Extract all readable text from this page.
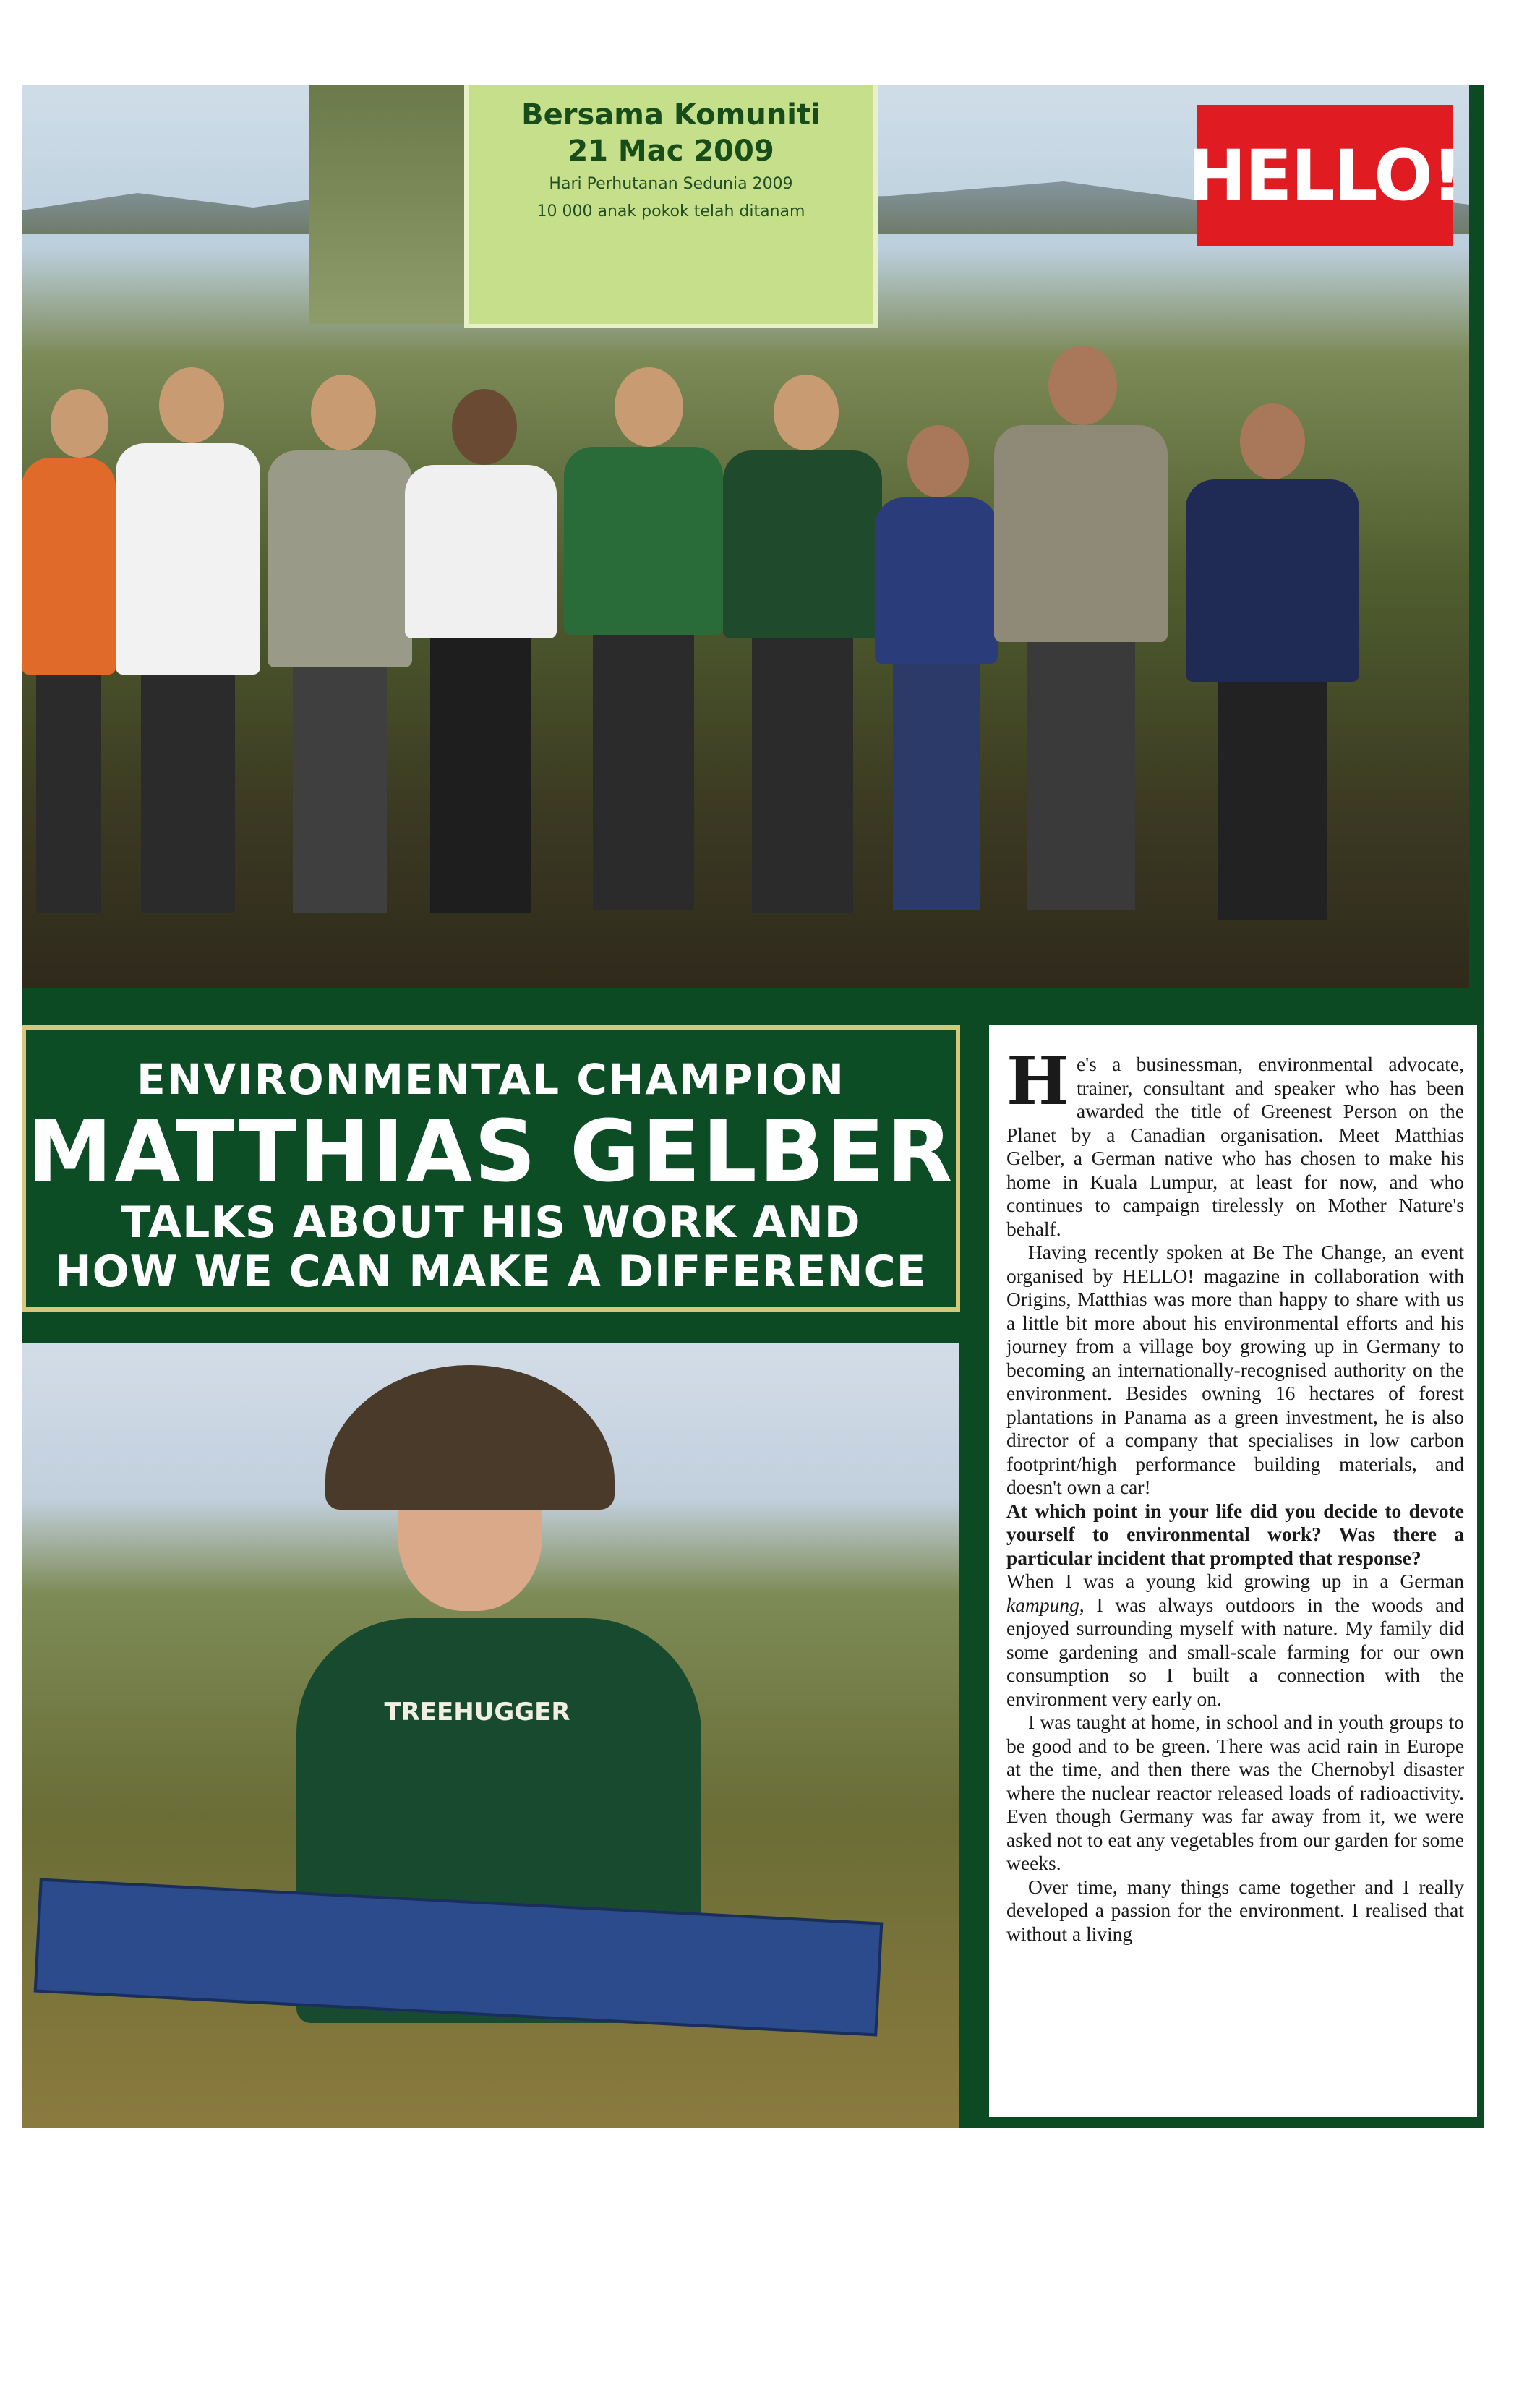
Bersama Komuniti
21 Mac 2009
Hari Perhutanan Sedunia 2009
10 000 anak pokok telah ditanam	HELLO!
ENVIRONMENTAL CHAMPION
MATTHIAS GELBER
TALKS ABOUT HIS WORK AND
HOW WE CAN MAKE A DIFFERENCE
TREEHUGGER

He's a businessman, environmental advocate, trainer, consultant and speaker who has been awarded the title of Greenest Person on the Planet by a Canadian organisation. Meet Matthias Gelber, a German native who has chosen to make his home in Kuala Lumpur, at least for now, and who continues to campaign tirelessly on Mother Nature's behalf.

Having recently spoken at Be The Change, an event organised by HELLO! magazine in collaboration with Origins, Matthias was more than happy to share with us a little bit more about his environmental efforts and his journey from a village boy growing up in Germany to becoming an internationally-recognised authority on the environment. Besides owning 16 hectares of forest plantations in Panama as a green investment, he is also director of a company that specialises in low carbon footprint/high performance building materials, and doesn't own a car!

At which point in your life did you decide to devote yourself to environmental work? Was there a particular incident that prompted that response?

When I was a young kid growing up in a German kampung, I was always outdoors in the woods and enjoyed surrounding myself with nature. My family did some gardening and small-scale farming for our own consumption so I built a connection with the environment very early on.

I was taught at home, in school and in youth groups to be good and to be green. There was acid rain in Europe at the time, and then there was the Chernobyl disaster where the nuclear reactor released loads of radioactivity. Even though Germany was far away from it, we were asked not to eat any vegetables from our garden for some weeks.

Over time, many things came together and I really developed a passion for the environment. I realised that without a living
